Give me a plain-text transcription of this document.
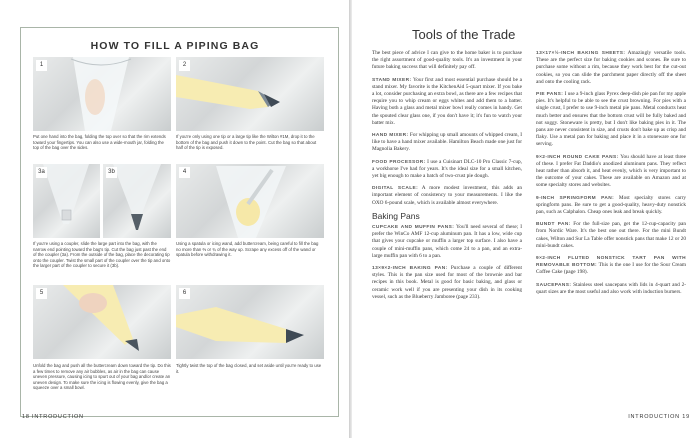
HOW TO FILL A PIPING BAG
1	2
Put one hand into the bag, folding the top over so that the rim extends toward your fingertips. You can also use a wide-mouth jar, folding the top of the bag over the sides.
If you're only using one tip or a large tip like the Wilton #1M, drop it to the bottom of the bag and push it down to the point. Cut the bag so that about half of the tip is exposed.
3a	3b	4
If you're using a coupler, slide the large part into the bag, with the narrow end pointing toward the bag's tip. Cut the bag just past the end of the coupler (3a). From the outside of the bag, place the decorating tip onto the coupler. Twist the small part of the coupler over the tip and onto the larger part of the coupler to secure it (3b).
Using a spatula or icing wand, add buttercream, being careful to fill the bag no more than ⅔ or ¾ of the way up. Scrape any excess off of the wand or spatula before withdrawing it.
5	6
Unfold the bag and push all the buttercream down toward the tip. Do this a few times to remove any air bubbles, as air in the bag can cause uneven pressure, causing icing to spurt out of your bag and/or create an uneven design. To make sure the icing is flowing evenly, give the bag a squeeze over a small bowl.
Tightly twist the top of the bag closed, and set aside until you're ready to use it.
18 INTRODUCTION
Tools of the Trade

The best piece of advice I can give to the home baker is to purchase the right assortment of good-quality tools. It's an investment in your future baking success that will definitely pay off.

STAND MIXER: Your first and most essential purchase should be a stand mixer. My favorite is the KitchenAid 5-quart mixer. If you bake a lot, consider purchasing an extra bowl, as there are a few recipes that require you to whip cream or eggs whites and add them to a batter. Having both a glass and metal mixer bowl really comes in handy. Get the spouted clear glass one, if you don't have it; it's fun to watch your batter mix.

HAND MIXER: For whipping up small amounts of whipped cream, I like to have a hand mixer available. Hamilton Beach made one just for Magnolia Bakery.

FOOD PROCESSOR: I use a Cuisinart DLC-10 Pro Classic 7-cup, a workhorse I've had for years. It's the ideal size for a small kitchen, yet big enough to make a batch of two-crust pie dough.

DIGITAL SCALE: A more modest investment, this adds an important element of consistency to your measurements. I like the OXO 6-pound scale, which is available almost everywhere.

Baking Pans

CUPCAKE AND MUFFIN PANS: You'll need several of these; I prefer the WinCo AMF 12-cup aluminum pan. It has a low, wide cup that gives your cupcake or muffin a larger top surface. I also have a couple of mini-muffin pans, which come 24 to a pan, and an extra-large muffin pan with 6 to a pan.

13×9×2-INCH BAKING PAN: Purchase a couple of different styles. This is the pan size used for most of the brownie and bar recipes in this book. Metal is good for basic baking, and glass or ceramic work well if you are presenting your dish in its cooking vessel, such as the Blueberry Jamboree (page 233).

13×17×½-INCH BAKING SHEETS: Amazingly versatile tools. These are the perfect size for baking cookies and scones. Be sure to purchase some without a rim, because they work best for the cut-out cookies, so you can slide the parchment paper directly off the sheet and onto the cooling rack.

PIE PANS: I use a 9-inch glass Pyrex deep-dish pie pan for my apple pies. It's helpful to be able to see the crust browning. For pies with a single crust, I prefer to use 9-inch metal pie pans. Metal conducts heat much better and ensures that the bottom crust will be fully baked and not soggy. Stoneware is pretty, but I don't like baking pies in it. The pans are never consistent in size, and crusts don't bake up as crisp and flaky. Use a metal pan for baking and place it in a stoneware one for serving.

9×2-INCH ROUND CAKE PANS: You should have at least three of these. I prefer Fat Daddio's anodized aluminum pans. They reflect heat rather than absorb it, and heat evenly, which is very important to the outcome of your cakes. These are available on Amazon and at some specialty stores and websites.

9-INCH SPRINGFORM PAN: Most specialty stores carry springform pans. Be sure to get a good-quality, heavy-duty nonstick pan, such as Calphalon. Cheap ones leak and break quickly.

BUNDT PAN: For the full-size pan, get the 12-cup-capacity pan from Nordic Ware. It's the best one out there. For the mini Bundt cakes, Wilton and Sur La Table offer nonstick pans that make 12 or 20 mini-bundt cakes.

9×2-INCH FLUTED NONSTICK TART PAN WITH REMOVABLE BOTTOM: This is the one I use for the Sour Cream Coffee Cake (page 198).

SAUCEPANS: Stainless steel saucepans with lids in 4-quart and 2-quart sizes are the most useful and also work with induction burners.

INTRODUCTION 19
